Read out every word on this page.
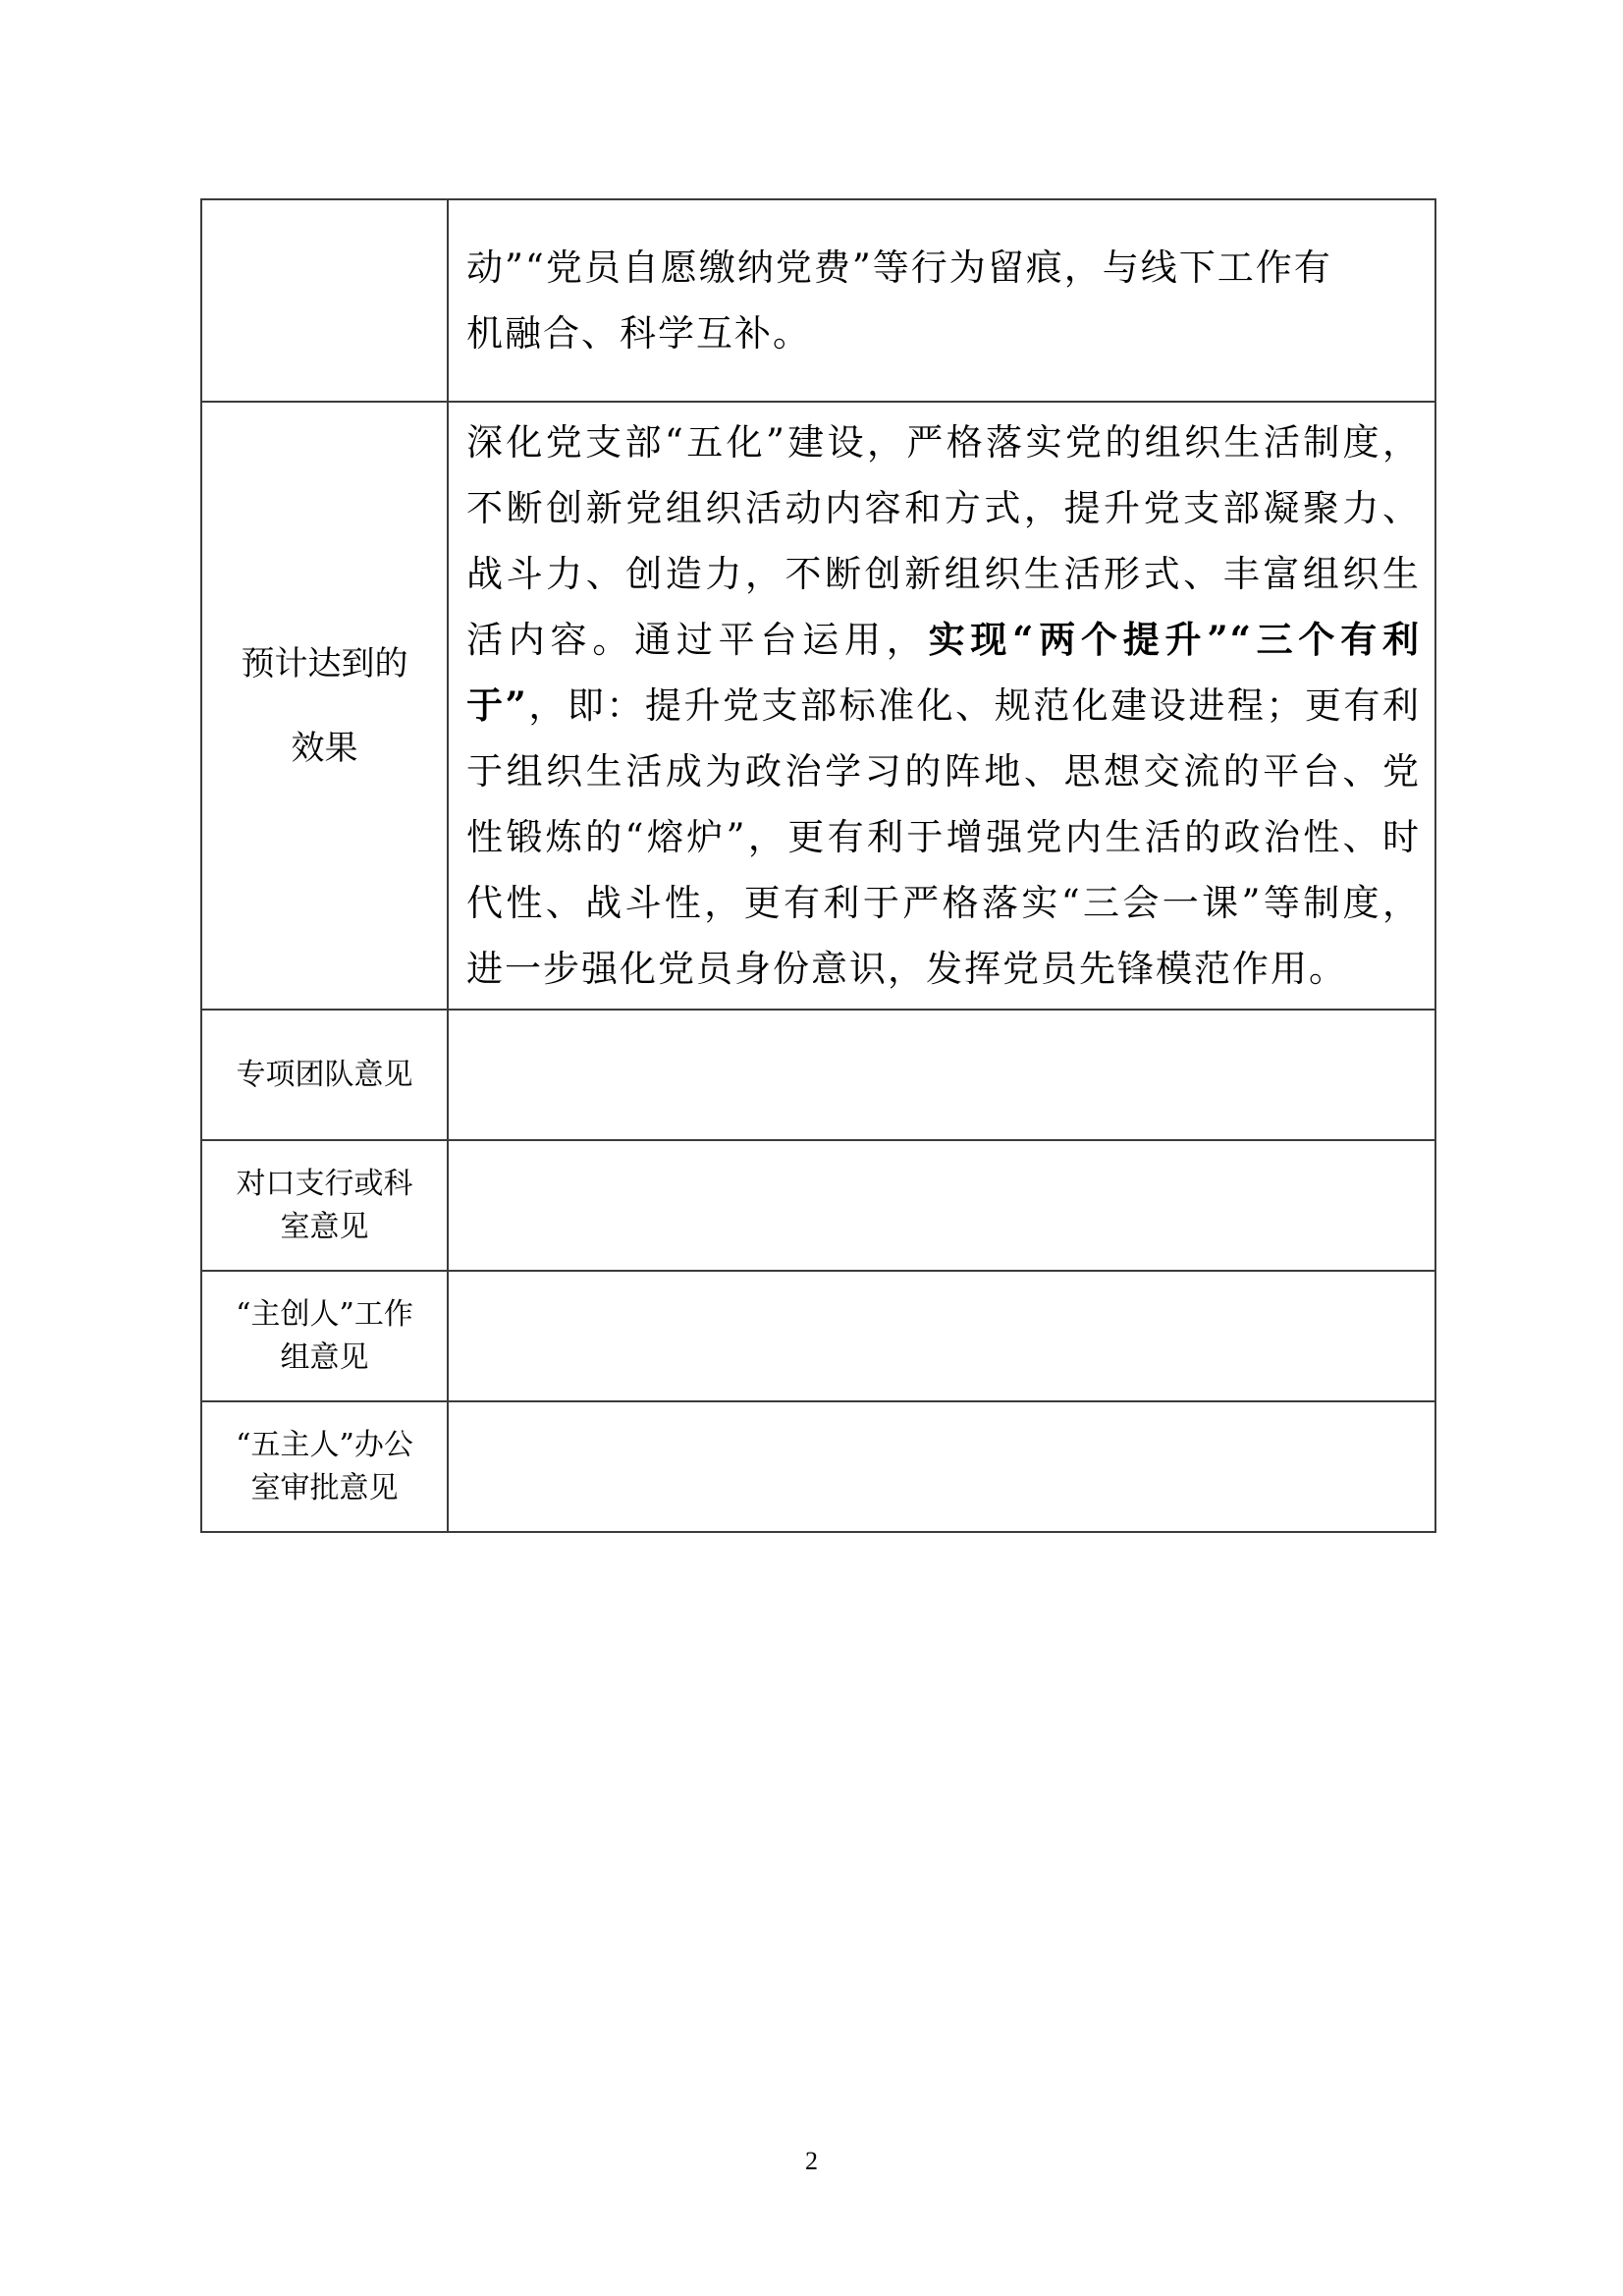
	动”“党员自愿缴纳党费”等行为留痕，与线下工作有
机融合、科学互补。

预计达到的
效果	深化党支部“五化”建设，严格落实党的组织生活制度，不断创新党组织活动内容和方式，提升党支部凝聚力、战斗力、创造力，不断创新组织生活形式、丰富组织生活内容。通过平台运用，实现“两个提升”“三个有利于”，即：提升党支部标准化、规范化建设进程；更有利于组织生活成为政治学习的阵地、思想交流的平台、党性锻炼的“熔炉”，更有利于增强党内生活的政治性、时代性、战斗性，更有利于严格落实“三会一课”等制度，进一步强化党员身份意识，发挥党员先锋模范作用。

专项团队意见	

对口支行或科
室意见	

“主创人”工作
组意见	

“五主人”办公
室审批意见	

2
